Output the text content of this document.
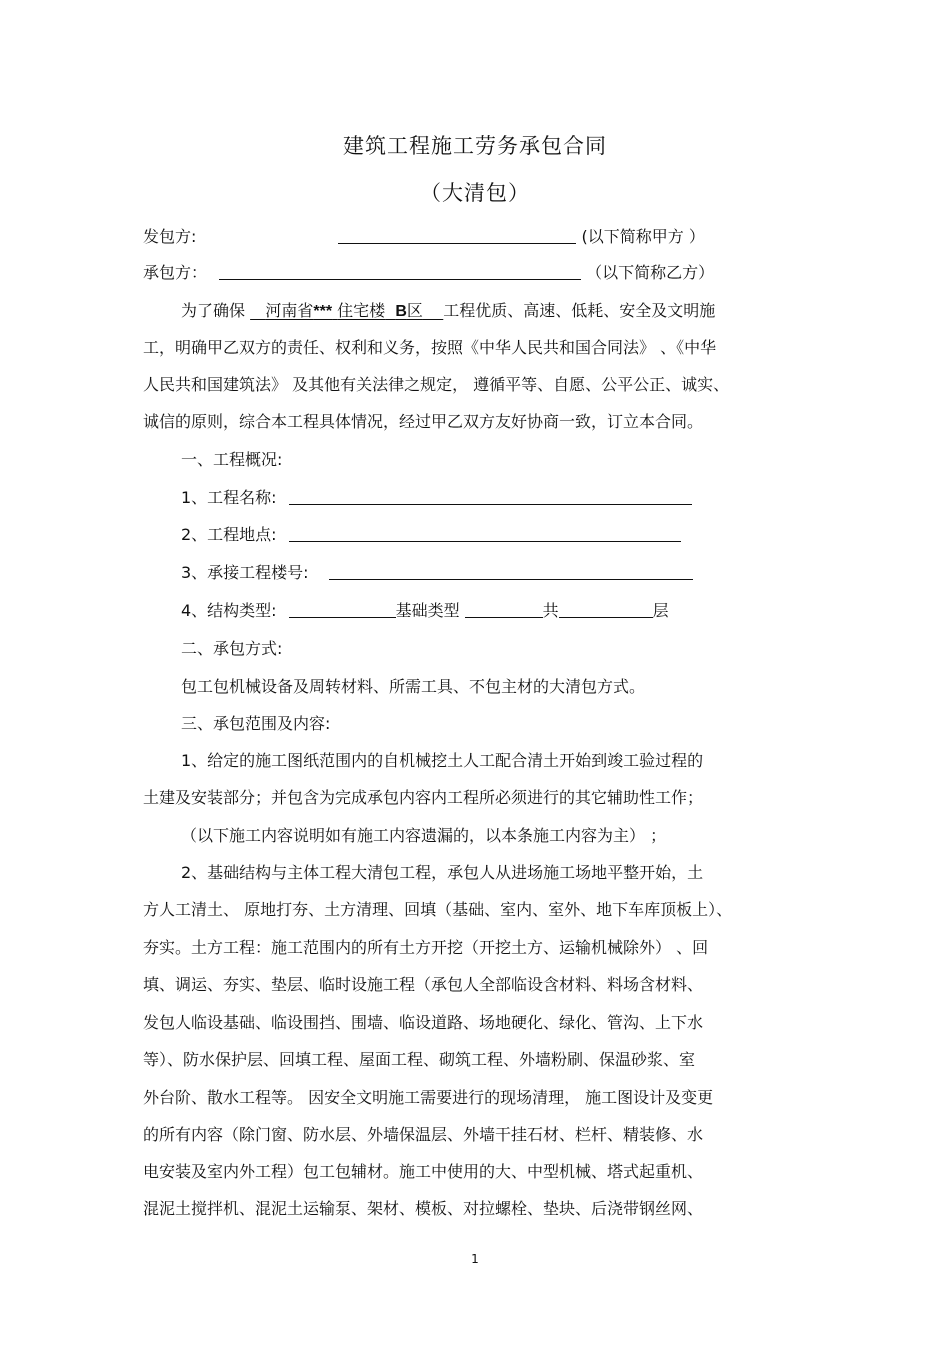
建筑工程施工劳务承包合同
（大清包）
发包方:	(以下简称甲方 ）
承包方：	（以下简称乙方）
为了确保 河南省*** 住宅楼 B区 工程优质、高速、低耗、安全及文明施
工，明确甲乙双方的责任、权利和义务，按照《中华人民共和国合同法》 、《中华
人民共和国建筑法》 及其他有关法律之规定， 遵循平等、自愿、公平公正、诚实、
诚信的原则，综合本工程具体情况，经过甲乙双方友好协商一致，订立本合同。
一、工程概况:
1、工程名称:
2、工程地点:
3、承接工程楼号:
4、结构类型:	基础类型	共	层
二、承包方式:
包工包机械设备及周转材料、所需工具、不包主材的大清包方式。
三、承包范围及内容:
1、给定的施工图纸范围内的自机械挖土人工配合清土开始到竣工验过程的
土建及安装部分；并包含为完成承包内容内工程所必须进行的其它辅助性工作；
（以下施工内容说明如有施工内容遗漏的，以本条施工内容为主） ；
2、基础结构与主体工程大清包工程，承包人从进场施工场地平整开始，土
方人工清土、 原地打夯、土方清理、回填（基础、室内、室外、地下车库顶板上）、
夯实。土方工程：施工范围内的所有土方开挖（开挖土方、运输机械除外） 、回
填、调运、夯实、垫层、临时设施工程（承包人全部临设含材料、料场含材料、
发包人临设基础、临设围挡、围墙、临设道路、场地硬化、绿化、管沟、上下水
等）、防水保护层、回填工程、屋面工程、砌筑工程、外墙粉刷、保温砂浆、室
外台阶、散水工程等。 因安全文明施工需要进行的现场清理， 施工图设计及变更
的所有内容（除门窗、防水层、外墙保温层、外墙干挂石材、栏杆、精装修、水
电安装及室内外工程）包工包辅材。施工中使用的大、中型机械、塔式起重机、
混泥土搅拌机、混泥土运输泵、架材、模板、对拉螺栓、垫块、后浇带钢丝网、
1
